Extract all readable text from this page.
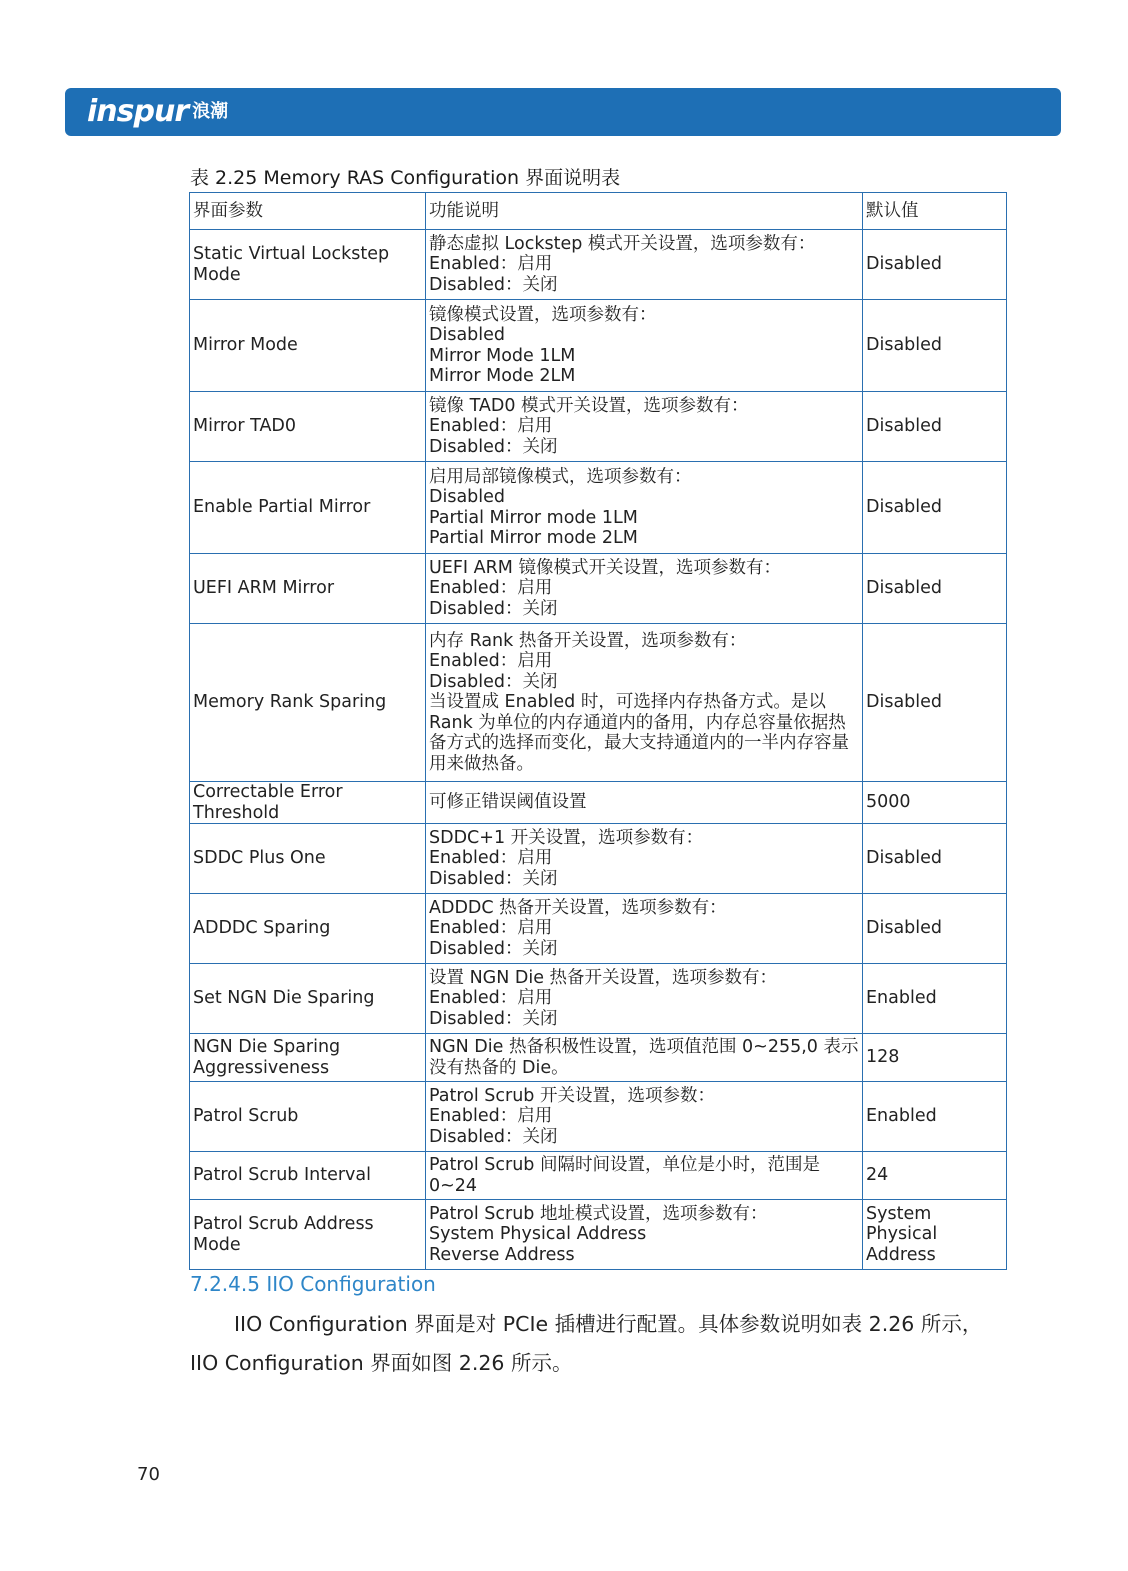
inspur 浪潮
表 2.25 Memory RAS Configuration 界面说明表
界面参数	功能说明	默认值
Static Virtual Lockstep Mode	静态虚拟 Lockstep 模式开关设置，选项参数有：
Enabled：启用
Disabled：关闭	Disabled
Mirror Mode	镜像模式设置，选项参数有：
Disabled
Mirror Mode 1LM
Mirror Mode 2LM	Disabled
Mirror TAD0	镜像 TAD0 模式开关设置，选项参数有：
Enabled：启用
Disabled：关闭	Disabled
Enable Partial Mirror	启用局部镜像模式，选项参数有：
Disabled
Partial Mirror mode 1LM
Partial Mirror mode 2LM	Disabled
UEFI ARM Mirror	UEFI ARM 镜像模式开关设置，选项参数有：
Enabled：启用
Disabled：关闭	Disabled
Memory Rank Sparing	内存 Rank 热备开关设置，选项参数有：
Enabled：启用
Disabled：关闭
当设置成 Enabled 时，可选择内存热备方式。是以 Rank 为单位的内存通道内的备用，内存总容量依据热备方式的选择而变化，最大支持通道内的一半内存容量用来做热备。	Disabled
Correctable Error Threshold	可修正错误阈值设置	5000
SDDC Plus One	SDDC+1 开关设置，选项参数有：
Enabled：启用
Disabled：关闭	Disabled
ADDDC Sparing	ADDDC 热备开关设置，选项参数有：
Enabled：启用
Disabled：关闭	Disabled
Set NGN Die Sparing	设置 NGN Die 热备开关设置，选项参数有：
Enabled：启用
Disabled：关闭	Enabled
NGN Die Sparing Aggressiveness	NGN Die 热备积极性设置，选项值范围 0~255,0 表示没有热备的 Die。	128
Patrol Scrub	Patrol Scrub 开关设置，选项参数：
Enabled：启用
Disabled：关闭	Enabled
Patrol Scrub Interval	Patrol Scrub 间隔时间设置，单位是小时，范围是 0~24	24
Patrol Scrub Address Mode	Patrol Scrub 地址模式设置，选项参数有：
System Physical Address
Reverse Address	System Physical Address
7.2.4.5 IIO Configuration
IIO Configuration 界面是对 PCIe 插槽进行配置。具体参数说明如表 2.26 所示，IIO Configuration 界面如图 2.26 所示。
70
